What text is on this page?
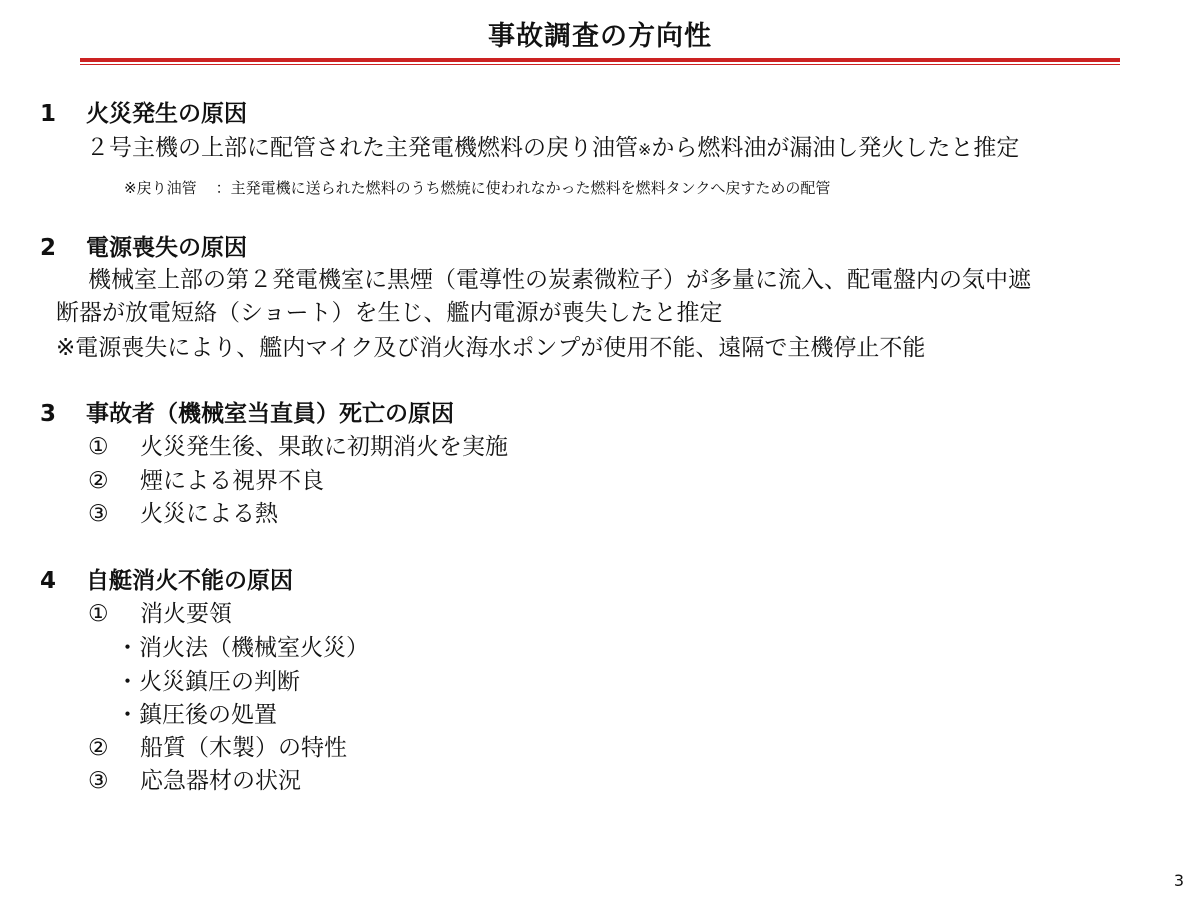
事故調査の方向性
1 火災発生の原因
２号主機の上部に配管された主発電機燃料の戻り油管※から燃料油が漏油し発火したと推定
※戻り油管 ：主発電機に送られた燃料のうち燃焼に使われなかった燃料を燃料タンクへ戻すための配管
2 電源喪失の原因
機械室上部の第２発電機室に黒煙（電導性の炭素微粒子）が多量に流入、配電盤内の気中遮
断器が放電短絡（ショート）を生じ、艦内電源が喪失したと推定
※電源喪失により、艦内マイク及び消火海水ポンプが使用不能、遠隔で主機停止不能
3 事故者（機械室当直員）死亡の原因
① 火災発生後、果敢に初期消火を実施
② 煙による視界不良
③ 火災による熱
4 自艇消火不能の原因
① 消火要領
・消火法（機械室火災）
・火災鎮圧の判断
・鎮圧後の処置
② 船質（木製）の特性
③ 応急器材の状況
3
